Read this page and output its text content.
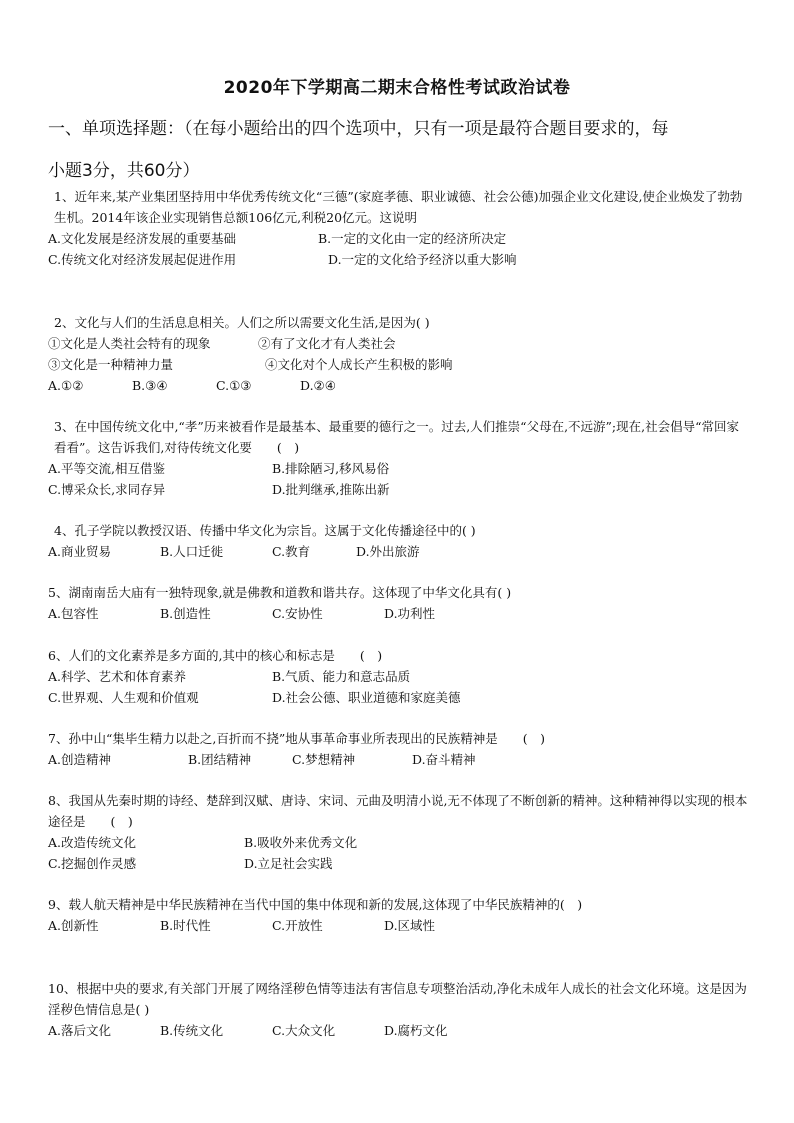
2020年下学期高二期末合格性考试政治试卷
一、单项选择题：（在每小题给出的四个选项中，只有一项是最符合题目要求的，每
小题3分，共60分）
1、近年来,某产业集团坚持用中华优秀传统文化“三德”(家庭孝德、职业诚德、社会公德)加强企业文化建设,使企业焕发了勃勃生机。2014年该企业实现销售总额106亿元,利税20亿元。这说明
A.文化发展是经济发展的重要基础	B.一定的文化由一定的经济所决定
C.传统文化对经济发展起促进作用	D.一定的文化给予经济以重大影响
2、文化与人们的生活息息相关。人们之所以需要文化生活,是因为( )
①文化是人类社会特有的现象	②有了文化才有人类社会
③文化是一种精神力量	④文化对个人成长产生积极的影响
A.①②	B.③④	C.①③	D.②④
3、在中国传统文化中,“孝”历来被看作是最基本、最重要的德行之一。过去,人们推崇“父母在,不远游”;现在,社会倡导“常回家看看”。这告诉我们,对待传统文化要　　(　)
A.平等交流,相互借鉴	B.排除陋习,移风易俗
C.博采众长,求同存异	D.批判继承,推陈出新
4、孔子学院以教授汉语、传播中华文化为宗旨。这属于文化传播途径中的( )
A.商业贸易	B.人口迁徙	C.教育	D.外出旅游
5、湖南南岳大庙有一独特现象,就是佛教和道教和谐共存。这体现了中华文化具有( )
A.包容性	B.创造性	C.安协性	D.功利性
6、人们的文化素养是多方面的,其中的核心和标志是　　(　)
A.科学、艺术和体育素养	B.气质、能力和意志品质
C.世界观、人生观和价值观	D.社会公德、职业道德和家庭美德
7、孙中山“集毕生精力以赴之,百折而不挠”地从事革命事业所表现出的民族精神是　　(　)
A.创造精神	B.团结精神	C.梦想精神	D.奋斗精神
8、我国从先秦时期的诗经、楚辞到汉赋、唐诗、宋词、元曲及明清小说,无不体现了不断创新的精神。这种精神得以实现的根本途径是　　(　)
A.改造传统文化	B.吸收外来优秀文化
C.挖掘创作灵感	D.立足社会实践
9、载人航天精神是中华民族精神在当代中国的集中体现和新的发展,这体现了中华民族精神的(　)
A.创新性	B.时代性	C.开放性	D.区域性
10、根据中央的要求,有关部门开展了网络淫秽色情等违法有害信息专项整治活动,净化未成年人成长的社会文化环境。这是因为淫秽色情信息是( )
A.落后文化	B.传统文化	C.大众文化	D.腐朽文化
